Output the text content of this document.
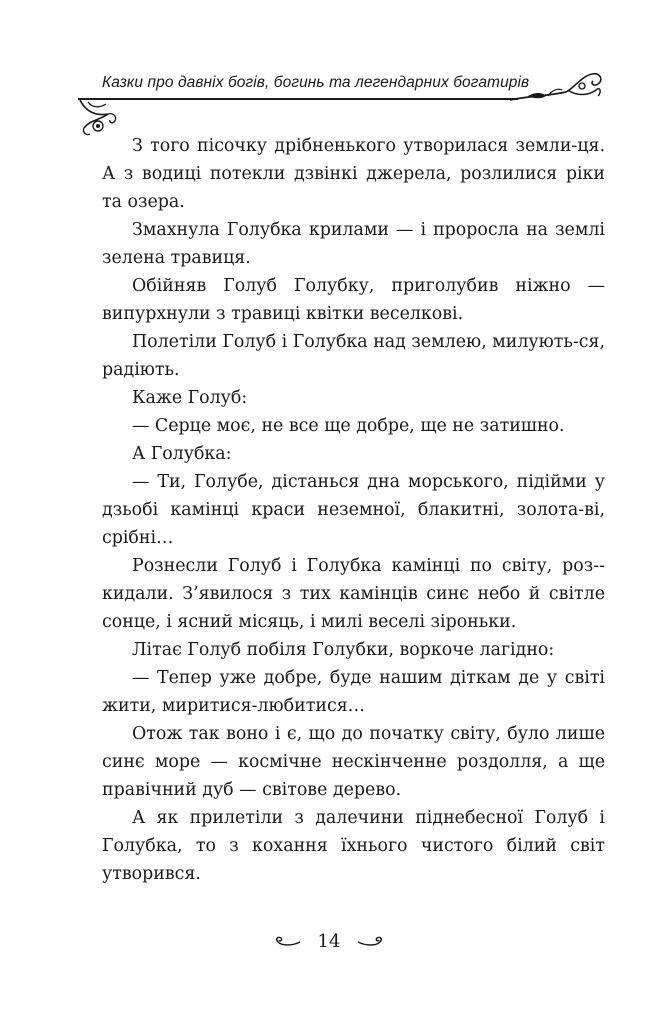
Казки про давніх богів, богинь та легендарних богатирів

З того пісочку дрібненького утворилася земли-ця. А з водиці потекли дзвінкі джерела, розлилися ріки та озера.

Змахнула Голубка крилами — і проросла на землі зелена травиця.

Обійняв Голуб Голубку, приголубив ніжно — випурхнули з травиці квітки веселкові.

Полетіли Голуб і Голубка над землею, милують-ся, радіють.

Каже Голуб:

— Серце моє, не все ще добре, ще не затишно.

А Голубка:

— Ти, Голубе, дістанься дна морського, підійми у дзьобі камінці краси неземної, блакитні, золота-ві, срібні…

Рознесли Голуб і Голубка камінці по світу, роз-кидали. З’явилося з тих камінців синє небо й світле сонце, і ясний місяць, і милі веселі зіроньки.

Літає Голуб побіля Голубки, воркоче лагідно:

— Тепер уже добре, буде нашим діткам де у світі жити, миритися-любитися…

Отож так воно і є, що до початку світу, було лише синє море — космічне нескінченне роздолля, а ще правічний дуб — світове дерево.

А як прилетіли з далечини піднебесної Голуб і Голубка, то з кохання їхнього чистого білий світ утворився.

14
